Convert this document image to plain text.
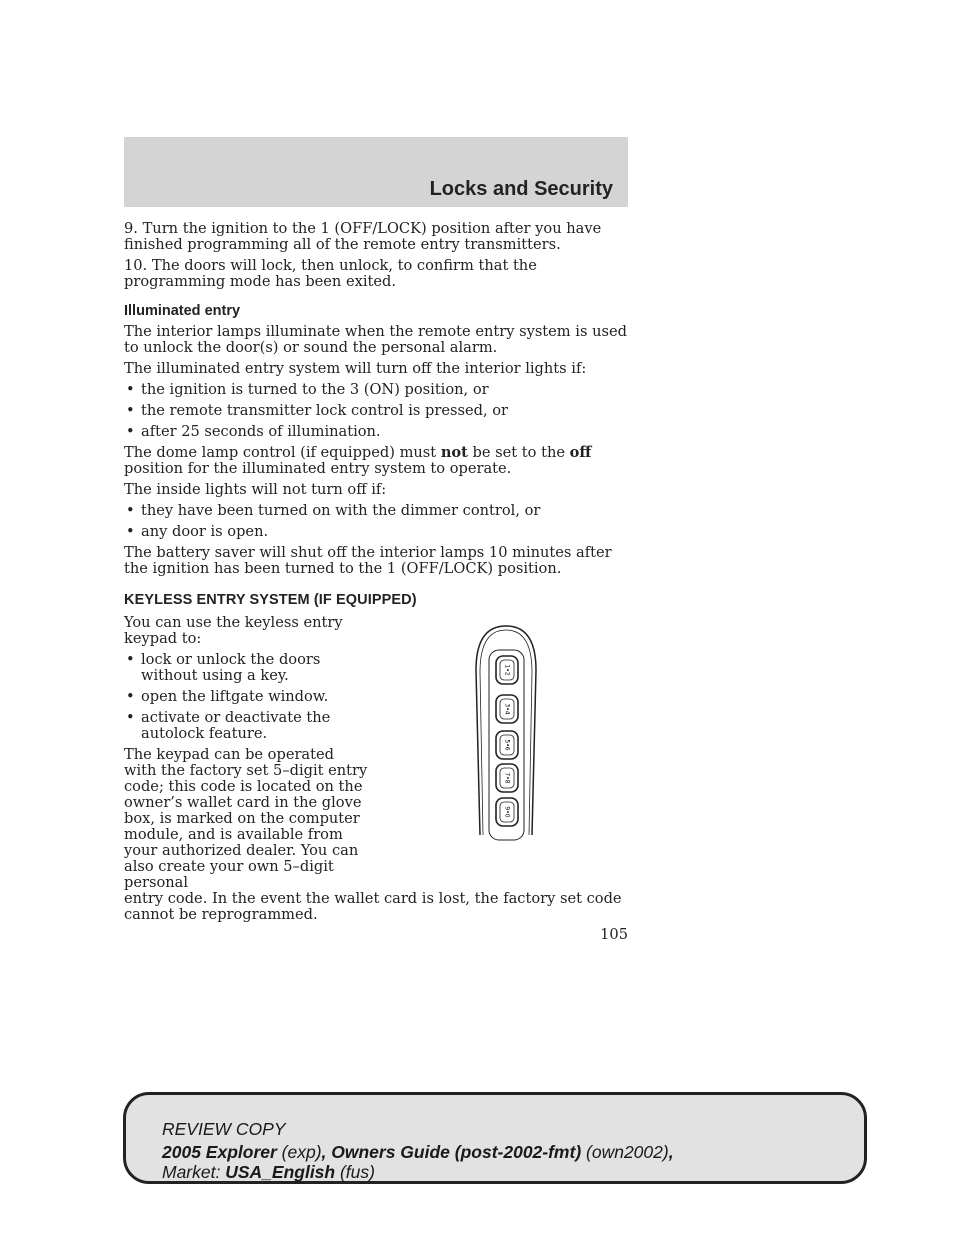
Locks and Security

9. Turn the ignition to the 1 (OFF/LOCK) position after you have finished programming all of the remote entry transmitters.

10. The doors will lock, then unlock, to confirm that the programming mode has been exited.

Illuminated entry

The interior lamps illuminate when the remote entry system is used to unlock the door(s) or sound the personal alarm.

The illuminated entry system will turn off the interior lights if:

• the ignition is turned to the 3 (ON) position, or
• the remote transmitter lock control is pressed, or
• after 25 seconds of illumination.

The dome lamp control (if equipped) must not be set to the off position for the illuminated entry system to operate.

The inside lights will not turn off if:

• they have been turned on with the dimmer control, or
• any door is open.

The battery saver will shut off the interior lamps 10 minutes after the ignition has been turned to the 1 (OFF/LOCK) position.

KEYLESS ENTRY SYSTEM (IF EQUIPPED)

You can use the keyless entry keypad to:

• lock or unlock the doors without using a key.
• open the liftgate window.
• activate or deactivate the autolock feature.

The keypad can be operated with the factory set 5–digit entry code; this code is located on the owner’s wallet card in the glove box, is marked on the computer module, and is available from your authorized dealer. You can also create your own 5–digit personal

entry code. In the event the wallet card is lost, the factory set code cannot be reprogrammed.

1•2
3•4
5•6
7•8
9•0
105
REVIEW COPY
2005 Explorer (exp), Owners Guide (post-2002-fmt) (own2002),
Market: USA_English (fus)
